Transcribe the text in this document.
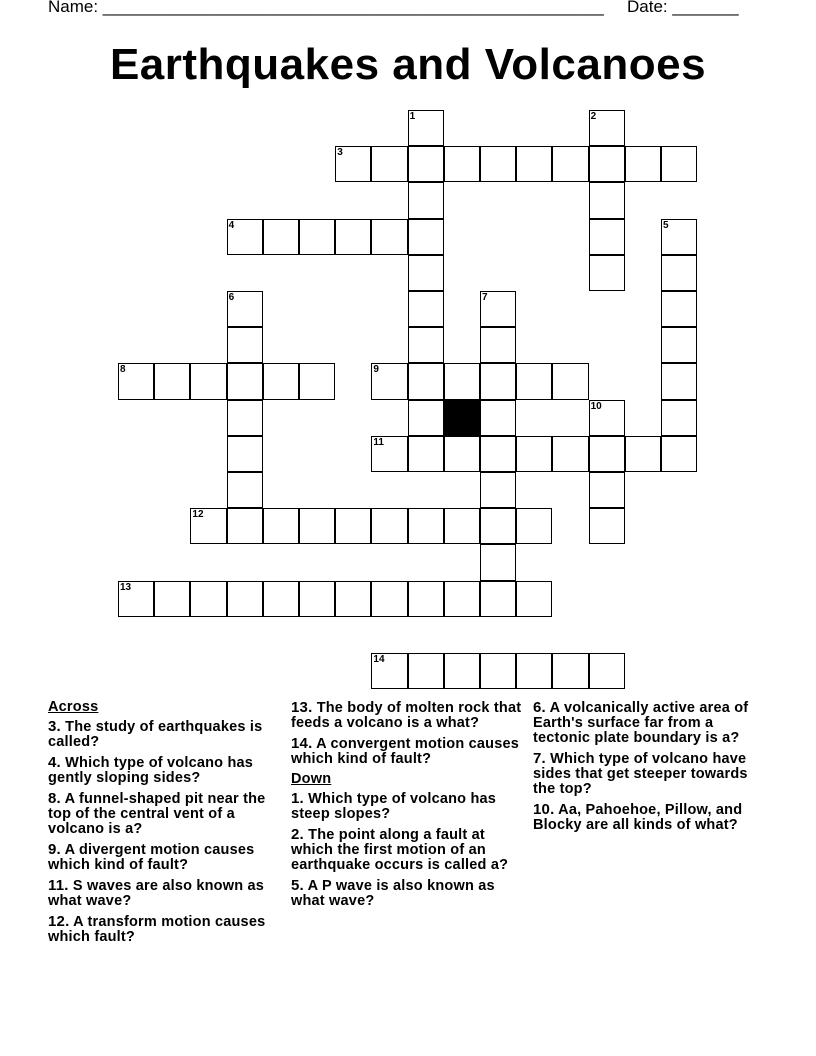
Name: _____________________________________________________ Date: _______
Earthquakes and Volcanoes
3
4
8	9
11
12
13
14
1	2
5
6	7
10
Across
3. The study of earthquakes is called?
4. Which type of volcano has gently sloping sides?
8. A funnel-shaped pit near the top of the central vent of a volcano is a?
9. A divergent motion causes which kind of fault?
11. S waves are also known as what wave?
12. A transform motion causes which fault?
13. The body of molten rock that feeds a volcano is a what?
14. A convergent motion causes which kind of fault?
Down
1. Which type of volcano has steep slopes?
2. The point along a fault at which the first motion of an earthquake occurs is called a?
5. A P wave is also known as what wave?
6. A volcanically active area of Earth's surface far from a tectonic plate boundary is a?
7. Which type of volcano have sides that get steeper towards the top?
10. Aa, Pahoehoe, Pillow, and Blocky are all kinds of what?
